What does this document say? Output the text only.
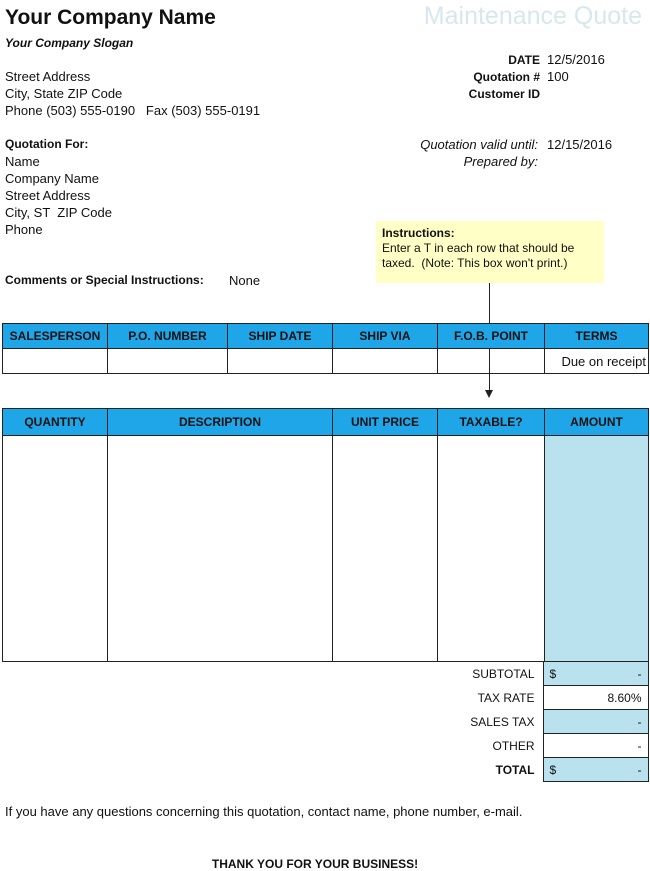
Your Company Name
Your Company Slogan
Maintenance Quote
Street Address
City, State ZIP Code
Phone (503) 555-0190   Fax (503) 555-0191
DATE 12/5/2016
Quotation # 100
Customer ID
Quotation valid until: 12/15/2016
Prepared by:
Quotation For:
Name
Company Name
Street Address
City, ST  ZIP Code
Phone
Comments or Special Instructions: None
Instructions:
Enter a T in each row that should be
taxed.  (Note: This box won't print.)
SALESPERSON	P.O. NUMBER	SHIP DATE	SHIP VIA	F.O.B. POINT	TERMS
					Due on receipt
QUANTITY	DESCRIPTION	UNIT PRICE	TAXABLE?	AMOUNT

SUBTOTAL	$ -

TAX RATE	8.60%
SALES TAX	-
OTHER	-
TOTAL	$ -
If you have any questions concerning this quotation, contact name, phone number, e-mail.
THANK YOU FOR YOUR BUSINESS!
